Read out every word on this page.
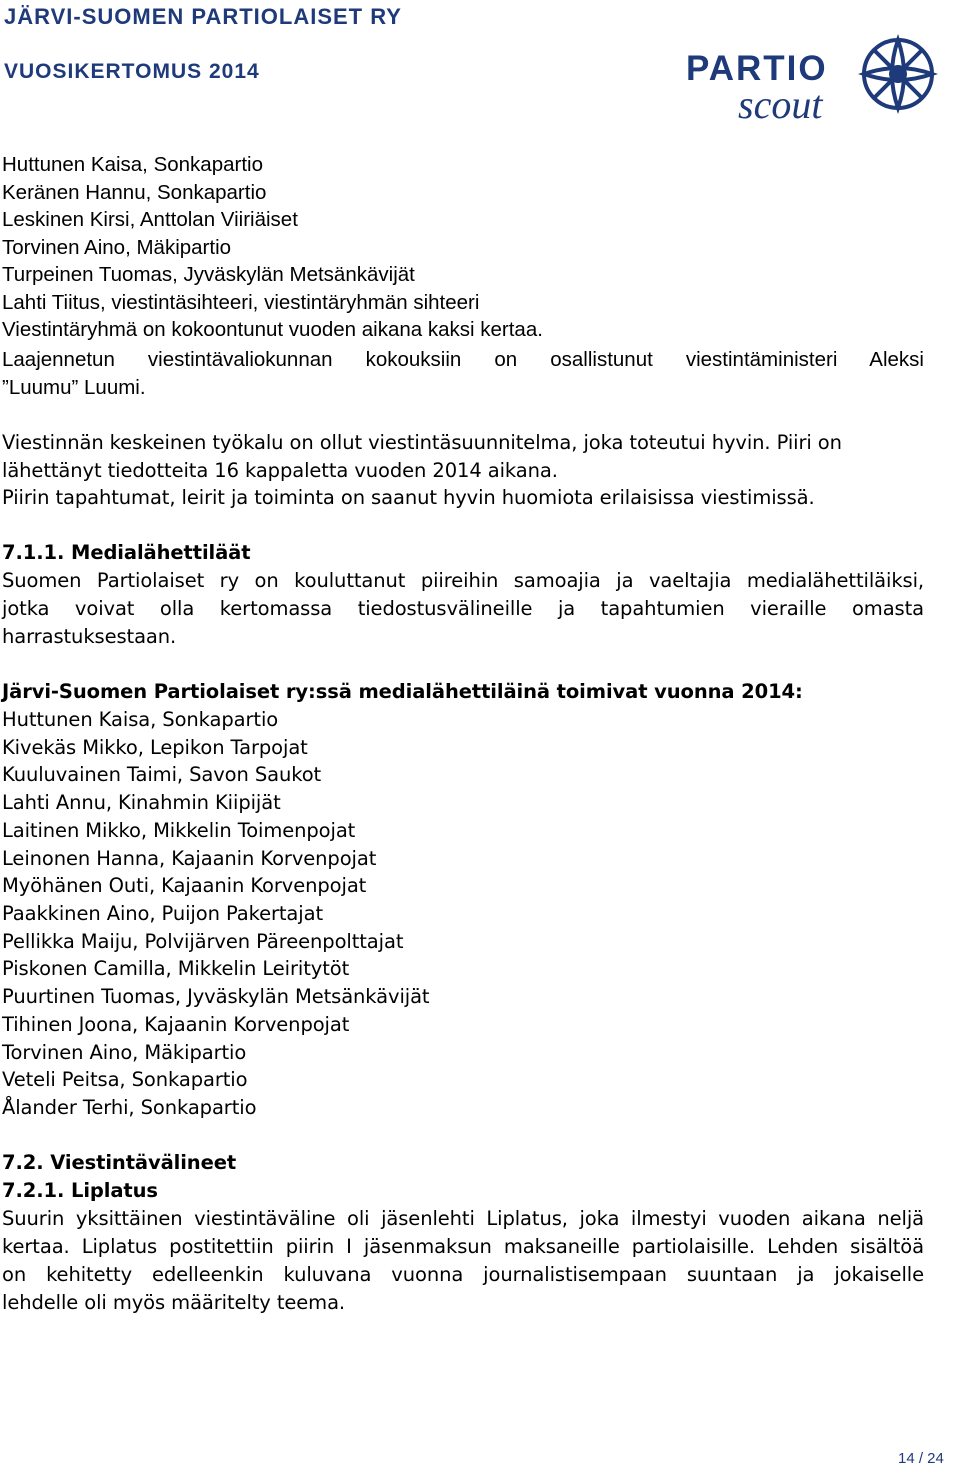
JÄRVI-SUOMEN PARTIOLAISET RY
VUOSIKERTOMUS 2014	PARTIO
scout

Huttunen Kaisa, Sonkapartio

Keränen Hannu, Sonkapartio

Leskinen Kirsi, Anttolan Viiriäiset

Torvinen Aino, Mäkipartio

Turpeinen Tuomas, Jyväskylän Metsänkävijät

Lahti Tiitus, viestintäsihteeri, viestintäryhmän sihteeri

Viestintäryhmä on kokoontunut vuoden aikana kaksi kertaa.

Laajennetun viestintävaliokunnan kokouksiin on osallistunut viestintäministeri Aleksi

”Luumu” Luumi.

Viestinnän keskeinen työkalu on ollut viestintäsuunnitelma, joka toteutui hyvin. Piiri on

lähettänyt tiedotteita 16 kappaletta vuoden 2014 aikana.

Piirin tapahtumat, leirit ja toiminta on saanut hyvin huomiota erilaisissa viestimissä.

7.1.1. Medialähettiläät

Suomen Partiolaiset ry on kouluttanut piireihin samoajia ja vaeltajia medialähettiläiksi,

jotka voivat olla kertomassa tiedostusvälineille ja tapahtumien vieraille omasta

harrastuksestaan.

Järvi-Suomen Partiolaiset ry:ssä medialähettiläinä toimivat vuonna 2014:

Huttunen Kaisa, Sonkapartio

Kivekäs Mikko, Lepikon Tarpojat

Kuuluvainen Taimi, Savon Saukot

Lahti Annu, Kinahmin Kiipijät

Laitinen Mikko, Mikkelin Toimenpojat

Leinonen Hanna, Kajaanin Korvenpojat

Myöhänen Outi, Kajaanin Korvenpojat

Paakkinen Aino, Puijon Pakertajat

Pellikka Maiju, Polvijärven Päreenpolttajat

Piskonen Camilla, Mikkelin Leiritytöt

Puurtinen Tuomas, Jyväskylän Metsänkävijät

Tihinen Joona, Kajaanin Korvenpojat

Torvinen Aino, Mäkipartio

Veteli Peitsa, Sonkapartio

Ålander Terhi, Sonkapartio

7.2. Viestintävälineet

7.2.1. Liplatus

Suurin yksittäinen viestintäväline oli jäsenlehti Liplatus, joka ilmestyi vuoden aikana neljä

kertaa. Liplatus postitettiin piirin I jäsenmaksun maksaneille partiolaisille. Lehden sisältöä

on kehitetty edelleenkin kuluvana vuonna journalistisempaan suuntaan ja jokaiselle

lehdelle oli myös määritelty teema.

14 / 24
